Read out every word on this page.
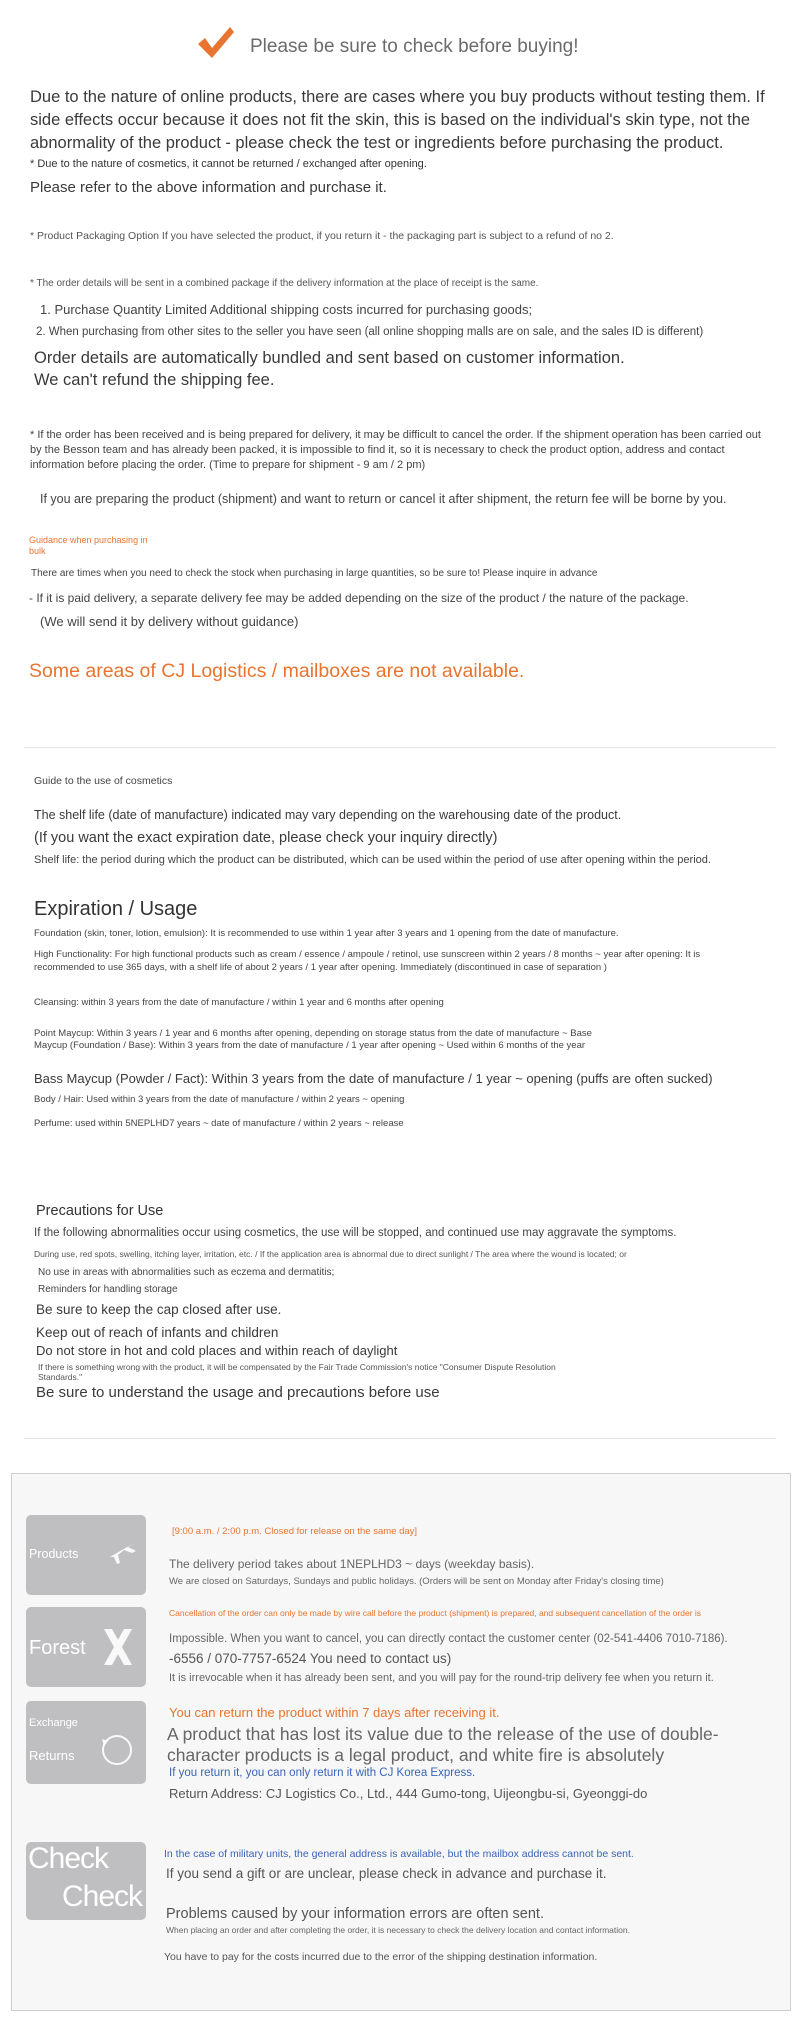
Please be sure to check before buying!
Due to the nature of online products, there are cases where you buy products without testing them. If side effects occur because it does not fit the skin, this is based on the individual's skin type, not the abnormality of the product - please check the test or ingredients before purchasing the product.
* Due to the nature of cosmetics, it cannot be returned / exchanged after opening.
Please refer to the above information and purchase it.
* Product Packaging Option If you have selected the product, if you return it - the packaging part is subject to a refund of no 2.
* The order details will be sent in a combined package if the delivery information at the place of receipt is the same.
1. Purchase Quantity Limited Additional shipping costs incurred for purchasing goods;
2. When purchasing from other sites to the seller you have seen (all online shopping malls are on sale, and the sales ID is different)
Order details are automatically bundled and sent based on customer information.
We can't refund the shipping fee.
* If the order has been received and is being prepared for delivery, it may be difficult to cancel the order. If the shipment operation has been carried out by the Besson team and has already been packed, it is impossible to find it, so it is necessary to check the product option, address and contact information before placing the order. (Time to prepare for shipment - 9 am / 2 pm)
If you are preparing the product (shipment) and want to return or cancel it after shipment, the return fee will be borne by you.
Guidance when purchasing in bulk
There are times when you need to check the stock when purchasing in large quantities, so be sure to! Please inquire in advance
- If it is paid delivery, a separate delivery fee may be added depending on the size of the product / the nature of the package.
(We will send it by delivery without guidance)
Some areas of CJ Logistics / mailboxes are not available.
Guide to the use of cosmetics
The shelf life (date of manufacture) indicated may vary depending on the warehousing date of the product.
(If you want the exact expiration date, please check your inquiry directly)
Shelf life: the period during which the product can be distributed, which can be used within the period of use after opening within the period.
Expiration / Usage
Foundation (skin, toner, lotion, emulsion): It is recommended to use within 1 year after 3 years and 1 opening from the date of manufacture.
High Functionality: For high functional products such as cream / essence / ampoule / retinol, use sunscreen within 2 years / 8 months ~ year after opening: It is recommended to use 365 days, with a shelf life of about 2 years / 1 year after opening. Immediately (discontinued in case of separation )
Cleansing: within 3 years from the date of manufacture / within 1 year and 6 months after opening
Point Maycup: Within 3 years / 1 year and 6 months after opening, depending on storage status from the date of manufacture ~ Base
Maycup (Foundation / Base): Within 3 years from the date of manufacture / 1 year after opening ~ Used within 6 months of the year
Bass Maycup (Powder / Fact): Within 3 years from the date of manufacture / 1 year ~ opening (puffs are often sucked)
Body / Hair: Used within 3 years from the date of manufacture / within 2 years ~ opening
Perfume: used within 5NEPLHD7 years ~ date of manufacture / within 2 years ~ release
Precautions for Use
If the following abnormalities occur using cosmetics, the use will be stopped, and continued use may aggravate the symptoms.
During use, red spots, swelling, itching layer, irritation, etc. / If the application area is abnormal due to direct sunlight / The area where the wound is located; or
No use in areas with abnormalities such as eczema and dermatitis;
Reminders for handling storage
Be sure to keep the cap closed after use.
Keep out of reach of infants and children
Do not store in hot and cold places and within reach of daylight
If there is something wrong with the product, it will be compensated by the Fair Trade Commission's notice "Consumer Dispute Resolution Standards."
Be sure to understand the usage and precautions before use
Products
[9:00 a.m. / 2:00 p.m. Closed for release on the same day]
The delivery period takes about 1NEPLHD3 ~ days (weekday basis).
We are closed on Saturdays, Sundays and public holidays. (Orders will be sent on Monday after Friday's closing time)
Forest
Cancellation of the order can only be made by wire call before the product (shipment) is prepared, and subsequent cancellation of the order is
Impossible. When you want to cancel, you can directly contact the customer center (02-541-4406 7010-7186).
-6556 / 070-7757-6524 You need to contact us)
It is irrevocable when it has already been sent, and you will pay for the round-trip delivery fee when you return it.
Exchange
Returns
You can return the product within 7 days after receiving it.
A product that has lost its value due to the release of the use of double-character products is a legal product, and white fire is absolutely
If you return it, you can only return it with CJ Korea Express.
Return Address: CJ Logistics Co., Ltd., 444 Gumo-tong, Uijeongbu-si, Gyeonggi-do
Check
Check
In the case of military units, the general address is available, but the mailbox address cannot be sent.
If you send a gift or are unclear, please check in advance and purchase it.
Problems caused by your information errors are often sent.
When placing an order and after completing the order, it is necessary to check the delivery location and contact information.
You have to pay for the costs incurred due to the error of the shipping destination information.
